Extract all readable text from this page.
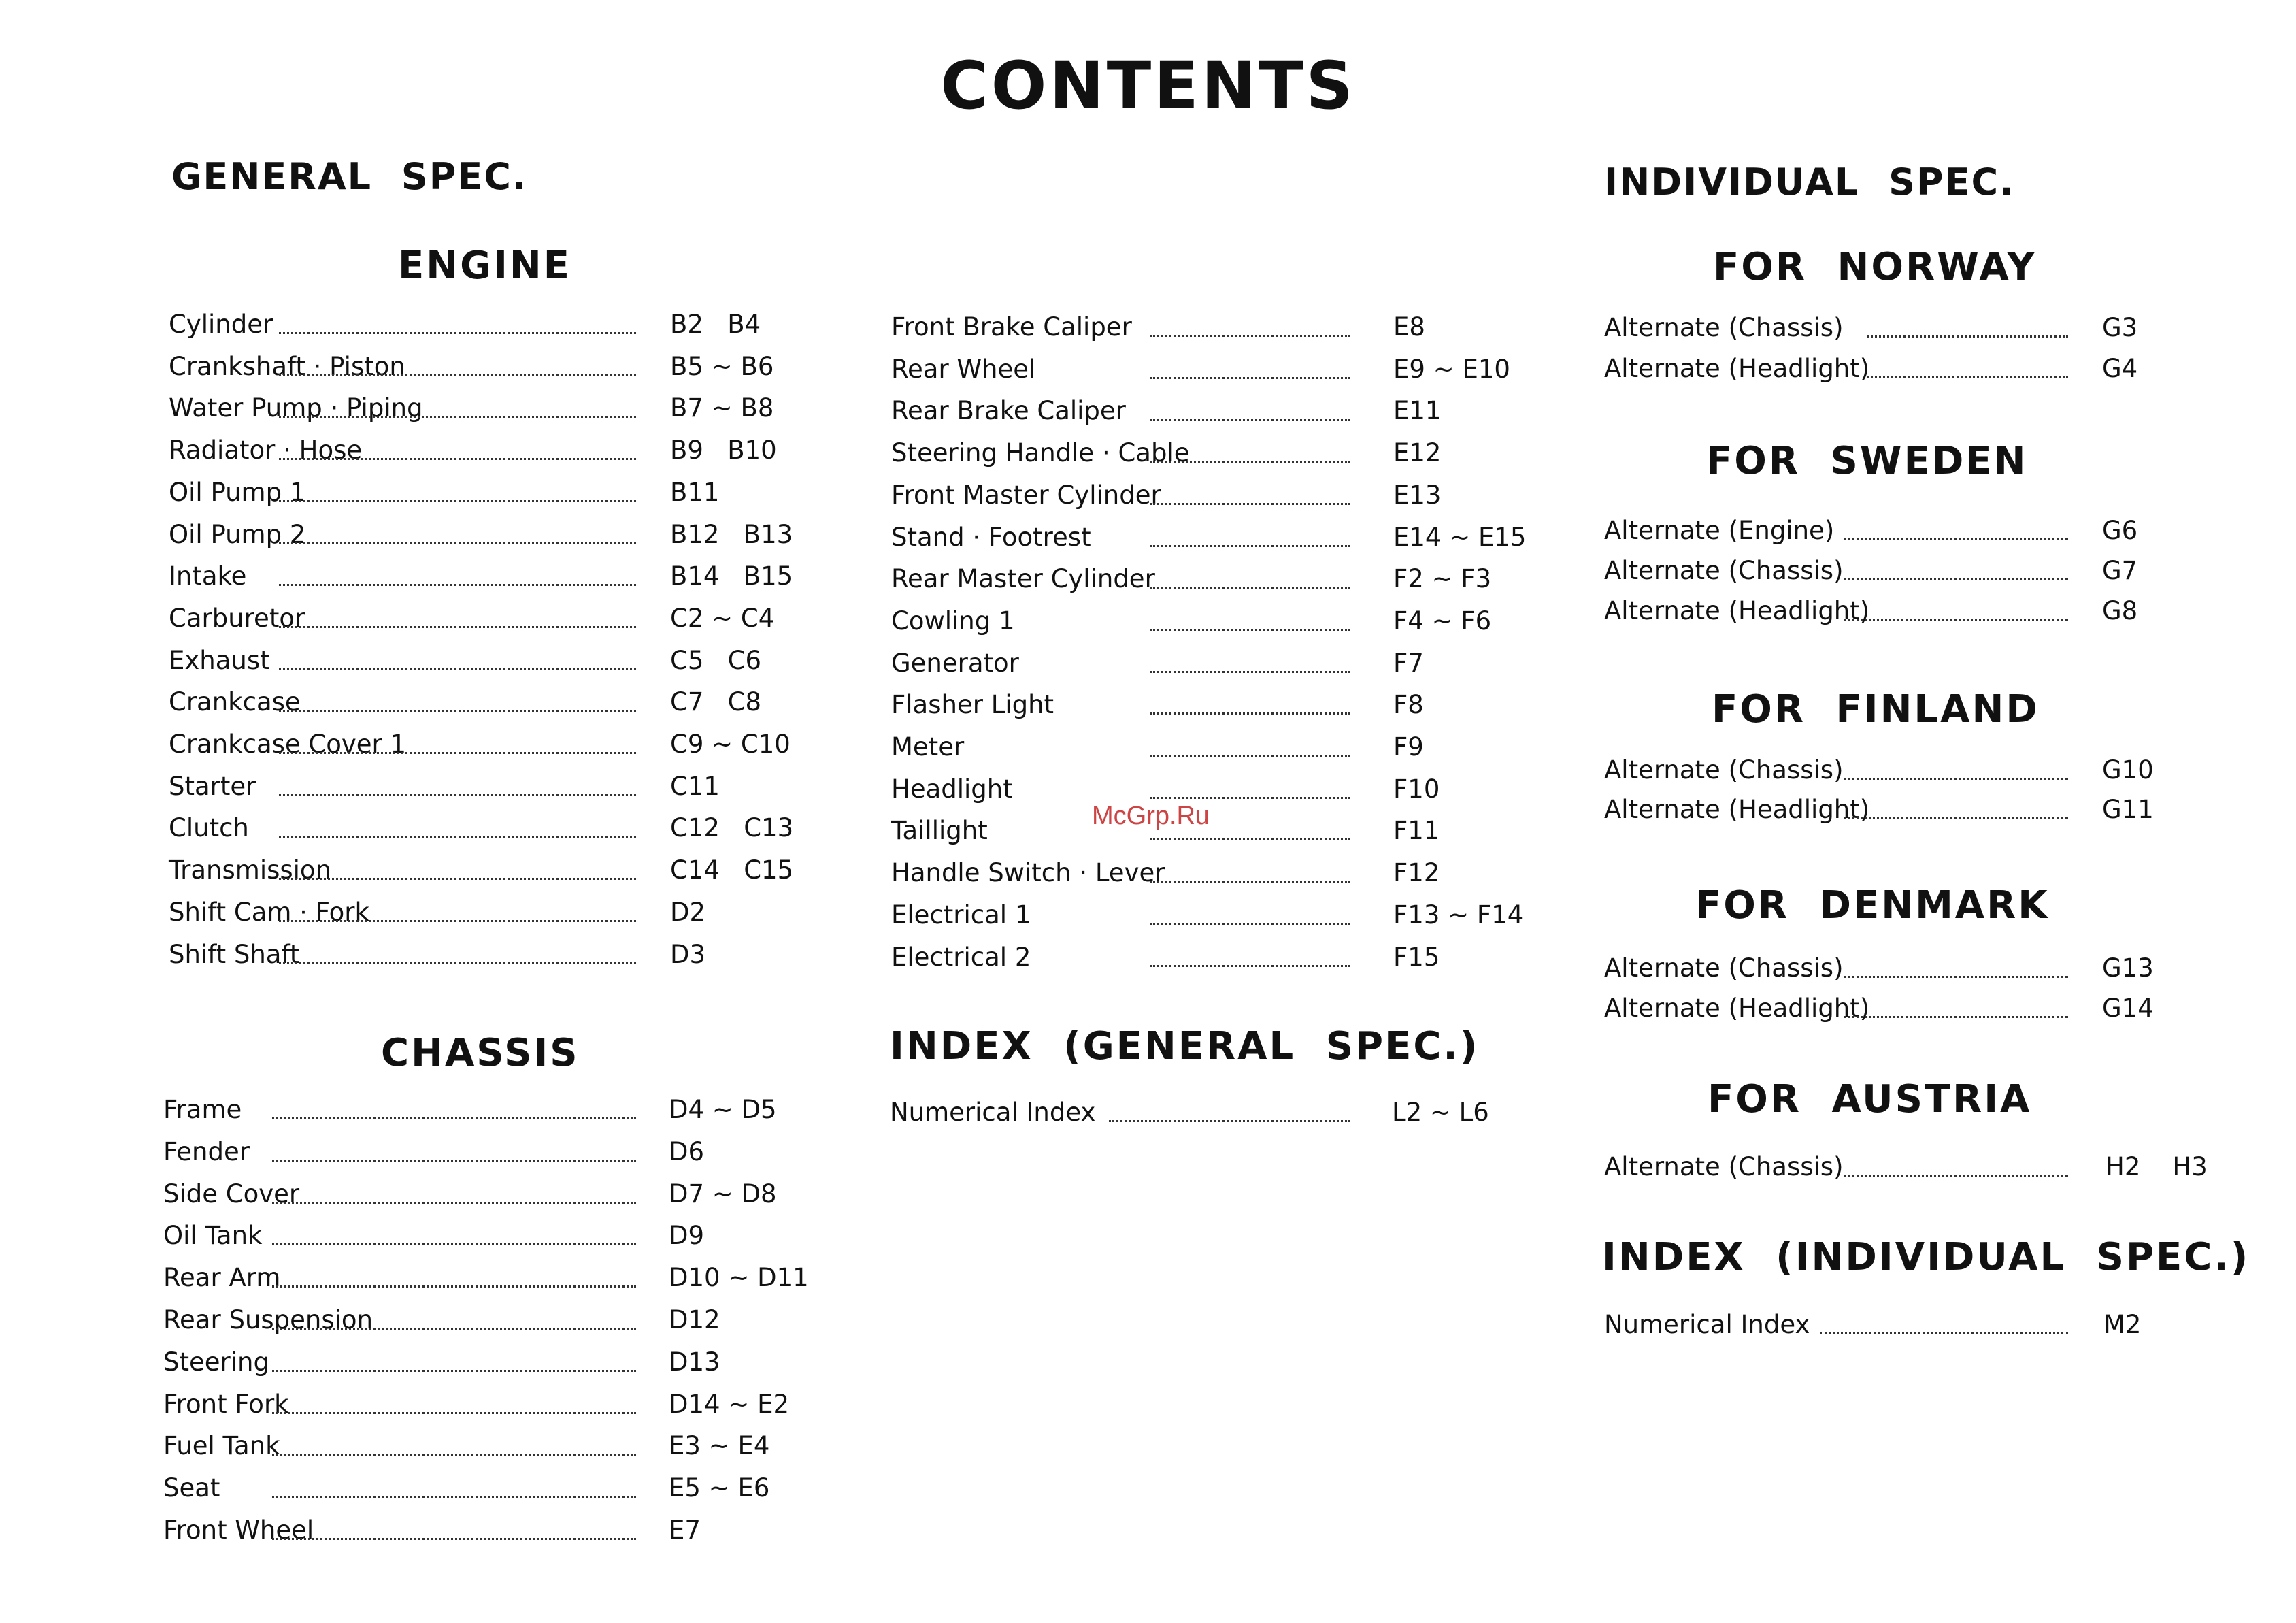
CONTENTS
GENERAL SPEC.
ENGINE
Cylinder	B2   B4
Crankshaft · Piston	B5 ~ B6
Water Pump · Piping	B7 ~ B8
Radiator · Hose	B9   B10
Oil Pump 1	B11
Oil Pump 2	B12   B13
Intake	B14   B15
Carburetor	C2 ~ C4
Exhaust	C5   C6
Crankcase	C7   C8
Crankcase Cover 1	C9 ~ C10
Starter	C11
Clutch	C12   C13
Transmission	C14   C15
Shift Cam · Fork	D2
Shift Shaft	D3
CHASSIS
Frame	D4 ~ D5
Fender	D6
Side Cover	D7 ~ D8
Oil Tank	D9
Rear Arm	D10 ~ D11
Rear Suspension	D12
Steering	D13
Front Fork	D14 ~ E2
Fuel Tank	E3 ~ E4
Seat	E5 ~ E6
Front Wheel	E7
Front Brake Caliper	E8
Rear Wheel	E9 ~ E10
Rear Brake Caliper	E11
Steering Handle · Cable	E12
Front Master Cylinder	E13
Stand · Footrest	E14 ~ E15
Rear Master Cylinder	F2 ~ F3
Cowling 1	F4 ~ F6
Generator	F7
Flasher Light	F8
Meter	F9
Headlight	F10
Taillight	F11
Handle Switch · Lever	F12
Electrical 1	F13 ~ F14
Electrical 2	F15
INDEX (GENERAL SPEC.)
Numerical Index	L2 ~ L6
INDIVIDUAL SPEC.
FOR NORWAY
Alternate (Chassis)	G3
Alternate (Headlight)	G4
FOR SWEDEN
Alternate (Engine)	G6
Alternate (Chassis)	G7
Alternate (Headlight)	G8
FOR FINLAND
Alternate (Chassis)	G10
Alternate (Headlight)	G11
FOR DENMARK
Alternate (Chassis)	G13
Alternate (Headlight)	G14
FOR AUSTRIA
Alternate (Chassis)	H2    H3
INDEX (INDIVIDUAL SPEC.)
Numerical Index	M2
McGrp.Ru
